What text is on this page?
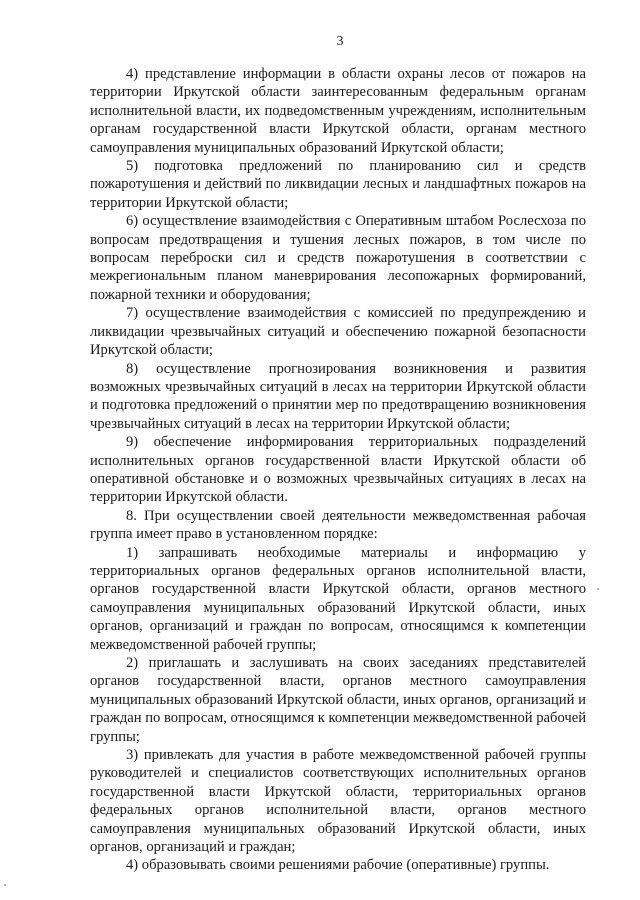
3

4) представление информации в области охраны лесов от пожаров на территории Иркутской области заинтересованным федеральным органам исполнительной власти, их подведомственным учреждениям, исполнительным органам государственной власти Иркутской области, органам местного самоуправления муниципальных образований Иркутской области;

5) подготовка предложений по планированию сил и средств пожаротушения и действий по ликвидации лесных и ландшафтных пожаров на территории Иркутской области;

6) осуществление взаимодействия с Оперативным штабом Рослесхоза по вопросам предотвращения и тушения лесных пожаров, в том числе по вопросам переброски сил и средств пожаротушения в соответствии с межрегиональным планом маневрирования лесопожарных формирований, пожарной техники и оборудования;

7) осуществление взаимодействия с комиссией по предупреждению и ликвидации чрезвычайных ситуаций и обеспечению пожарной безопасности Иркутской области;

8) осуществление прогнозирования возникновения и развития возможных чрезвычайных ситуаций в лесах на территории Иркутской области и подготовка предложений о принятии мер по предотвращению возникновения чрезвычайных ситуаций в лесах на территории Иркутской области;

9) обеспечение информирования территориальных подразделений исполнительных органов государственной власти Иркутской области об оперативной обстановке и о возможных чрезвычайных ситуациях в лесах на территории Иркутской области.

8. При осуществлении своей деятельности межведомственная рабочая группа имеет право в установленном порядке:

1) запрашивать необходимые материалы и информацию у территориальных органов федеральных органов исполнительной власти, органов государственной власти Иркутской области, органов местного самоуправления муниципальных образований Иркутской области, иных органов, организаций и граждан по вопросам, относящимся к компетенции межведомственной рабочей группы;

2) приглашать и заслушивать на своих заседаниях представителей органов государственной власти, органов местного самоуправления муниципальных образований Иркутской области, иных органов, организаций и граждан по вопросам, относящимся к компетенции межведомственной рабочей группы;

3) привлекать для участия в работе межведомственной рабочей группы руководителей и специалистов соответствующих исполнительных органов государственной власти Иркутской области, территориальных органов федеральных органов исполнительной власти, органов местного самоуправления муниципальных образований Иркутской области, иных органов, организаций и граждан;

4) образовывать своими решениями рабочие (оперативные) группы.
